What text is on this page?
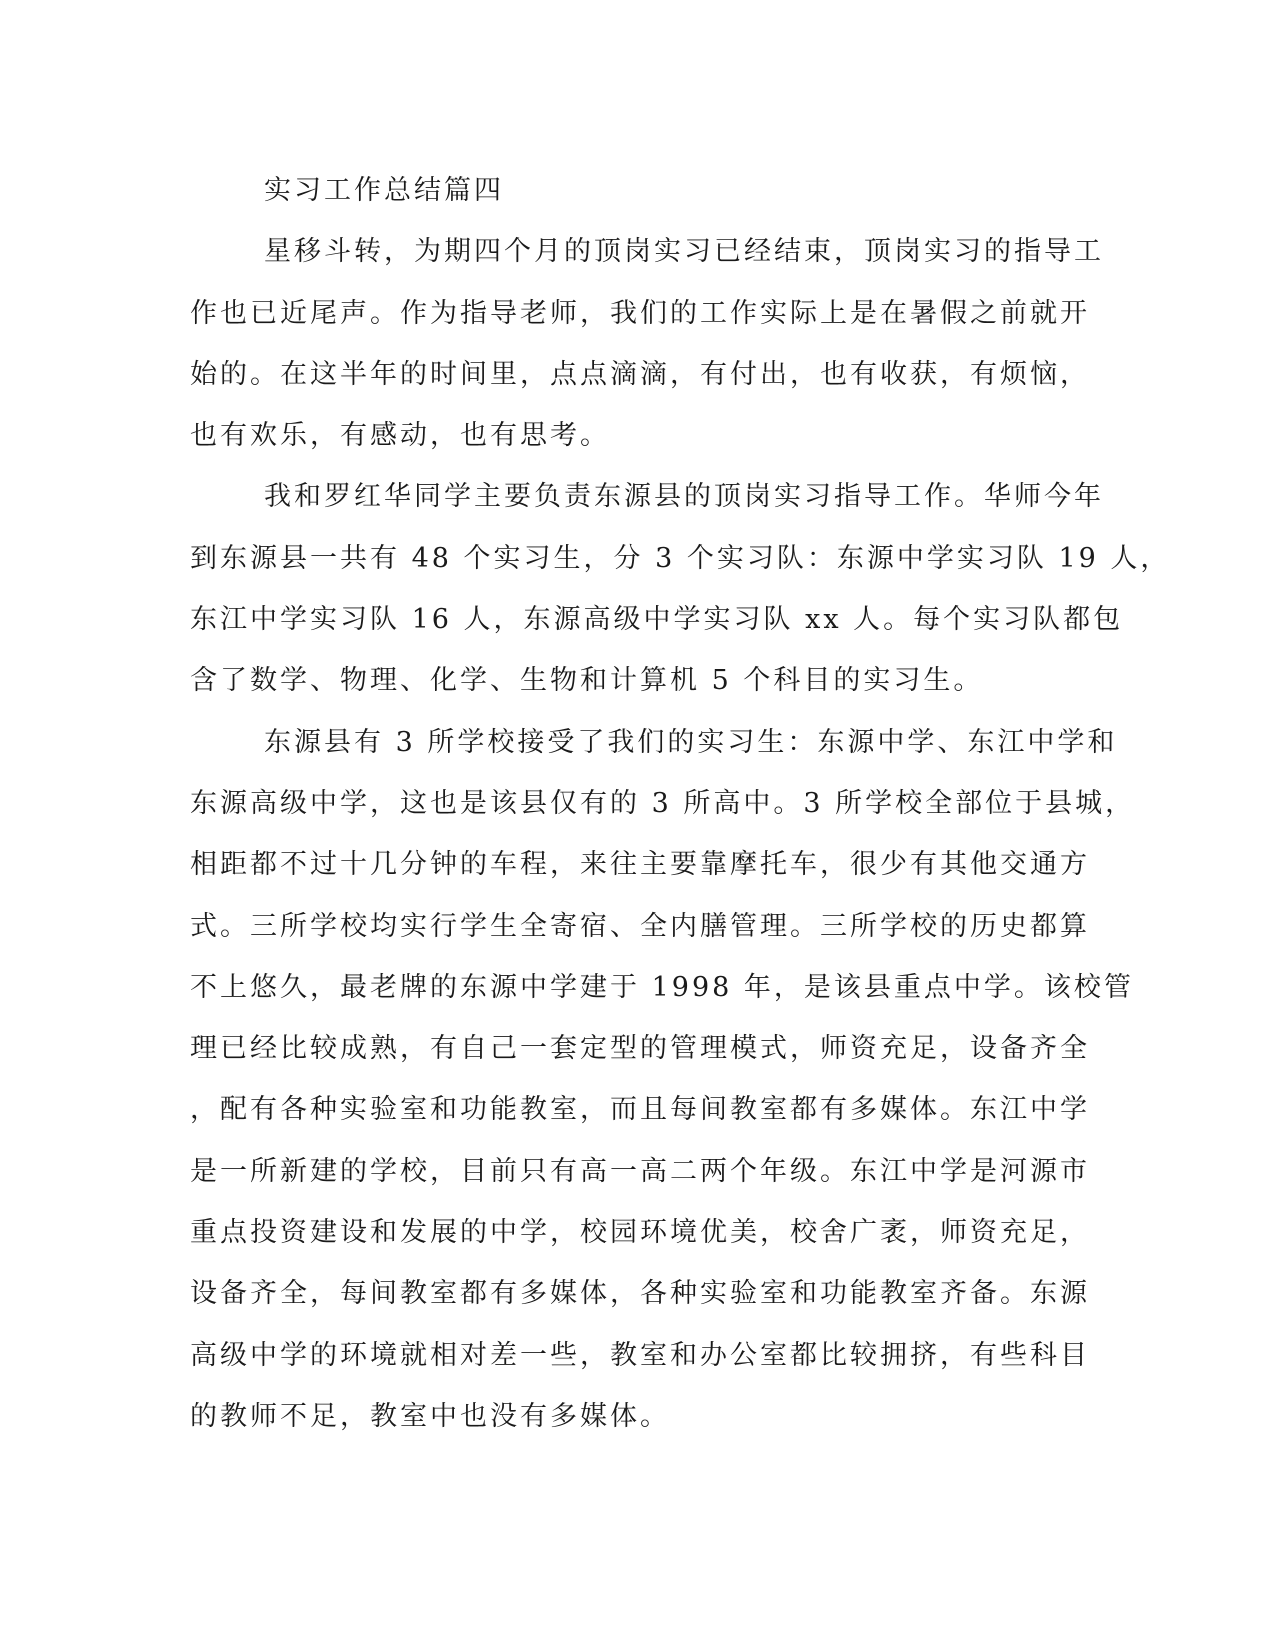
实习工作总结篇四
星移斗转，为期四个月的顶岗实习已经结束，顶岗实习的指导工
作也已近尾声。作为指导老师，我们的工作实际上是在暑假之前就开
始的。在这半年的时间里，点点滴滴，有付出，也有收获，有烦恼，
也有欢乐，有感动，也有思考。
我和罗红华同学主要负责东源县的顶岗实习指导工作。华师今年
到东源县一共有 48 个实习生，分 3 个实习队：东源中学实习队 19 人，
东江中学实习队 16 人，东源高级中学实习队 xx 人。每个实习队都包
含了数学、物理、化学、生物和计算机 5 个科目的实习生。
东源县有 3 所学校接受了我们的实习生：东源中学、东江中学和
东源高级中学，这也是该县仅有的 3 所高中。3 所学校全部位于县城，
相距都不过十几分钟的车程，来往主要靠摩托车，很少有其他交通方
式。三所学校均实行学生全寄宿、全内膳管理。三所学校的历史都算
不上悠久，最老牌的东源中学建于 1998 年，是该县重点中学。该校管
理已经比较成熟，有自己一套定型的管理模式，师资充足，设备齐全
，配有各种实验室和功能教室，而且每间教室都有多媒体。东江中学
是一所新建的学校，目前只有高一高二两个年级。东江中学是河源市
重点投资建设和发展的中学，校园环境优美，校舍广袤，师资充足，
设备齐全，每间教室都有多媒体，各种实验室和功能教室齐备。东源
高级中学的环境就相对差一些，教室和办公室都比较拥挤，有些科目
的教师不足，教室中也没有多媒体。
